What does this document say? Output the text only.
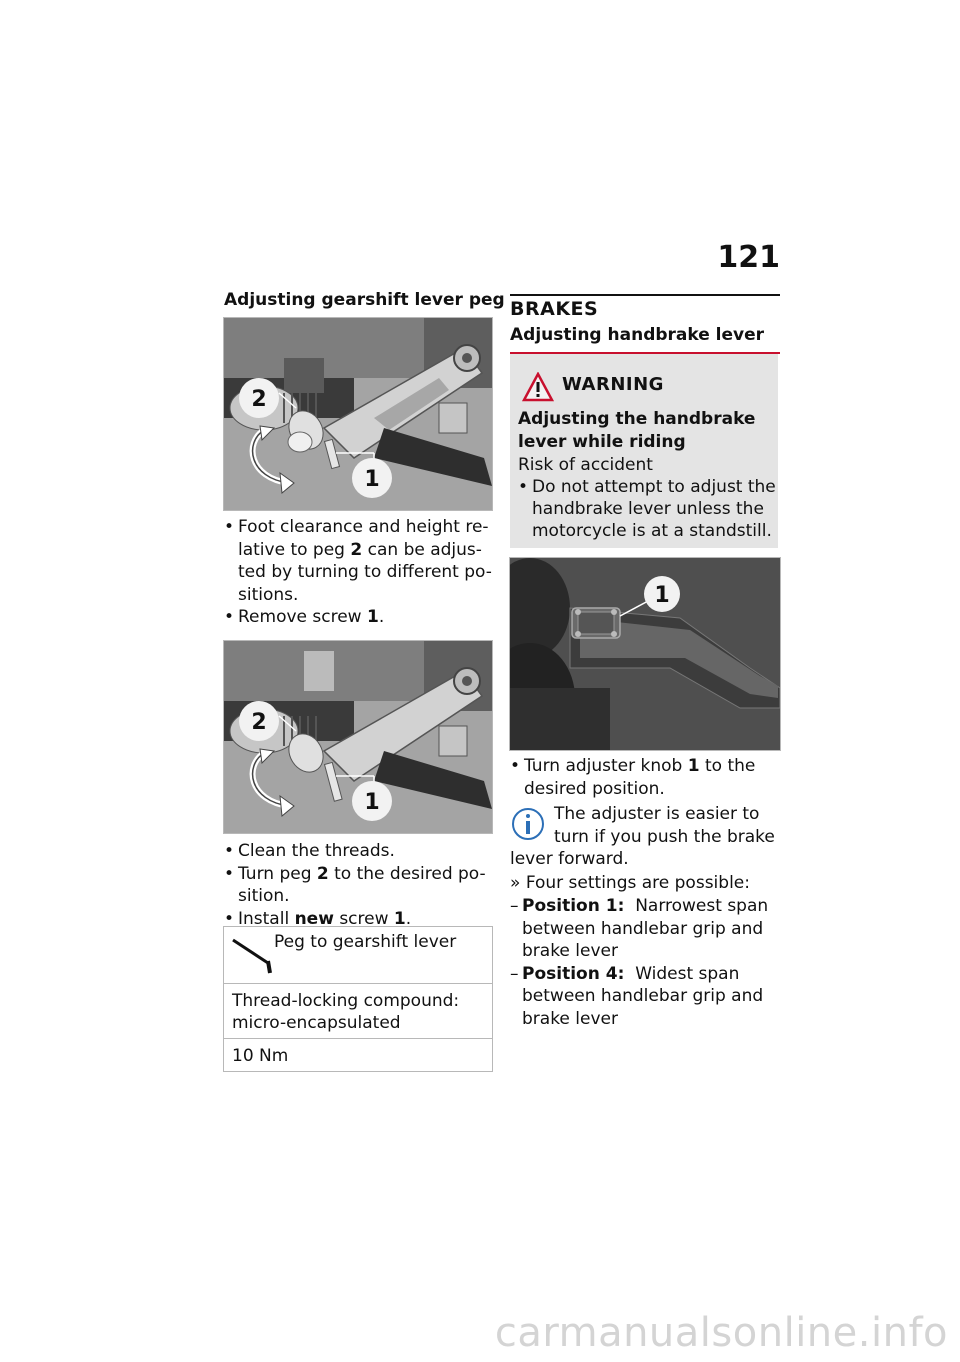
121
Adjusting gearshift lever peg
2
1
• Foot clearance and height re-
lative to peg 2 can be adjus-
ted by turning to different po-
sitions.
• Remove screw 1.
2
1
• Clean the threads.
• Turn peg 2 to the desired po-
sition.
• Install new screw 1.
Peg to gearshift lever
Thread-locking compound:
micro-encapsulated
10 Nm
BRAKES
Adjusting handbrake lever
WARNING
Adjusting the handbrake
lever while riding
Risk of accident
• Do not attempt to adjust the
handbrake lever unless the
motorcycle is at a standstill.
1
• Turn adjuster knob 1 to the
desired position.
The adjuster is easier to
turn if you push the brake
lever forward.
» Four settings are possible:
– Position 1: Narrowest span
between handlebar grip and
brake lever
– Position 4: Widest span
between handlebar grip and
brake lever
carmanualsonline.info
